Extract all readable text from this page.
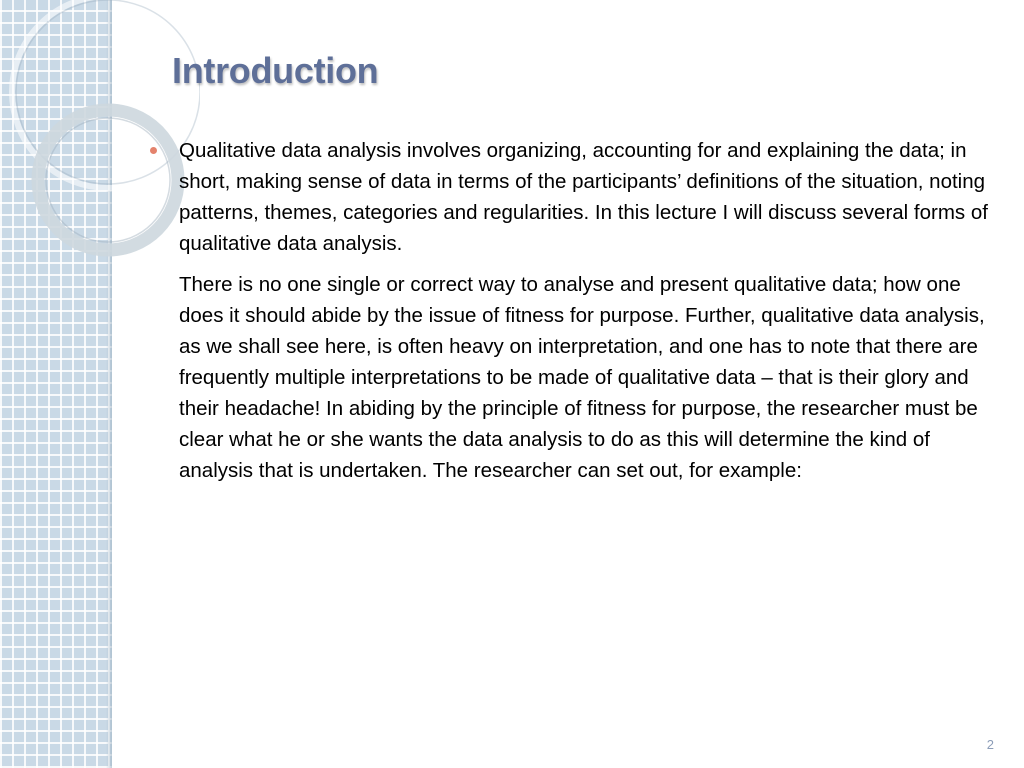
Introduction

Qualitative data analysis involves organizing, accounting for and explaining the data; in short, making sense of data in terms of the participants’ definitions of the situation, noting patterns, themes, categories and regularities. In this lecture I will discuss several forms of qualitative data analysis.

There is no one single or correct way to analyse and present qualitative data; how one does it should abide by the issue of fitness for purpose. Further, qualitative data analysis, as we shall see here, is often heavy on interpretation, and one has to note that there are frequently multiple interpretations to be made of qualitative data – that is their glory and their headache! In abiding by the principle of fitness for purpose, the researcher must be clear what he or she wants the data analysis to do as this will determine the kind of analysis that is undertaken. The researcher can set out, for example:

2
